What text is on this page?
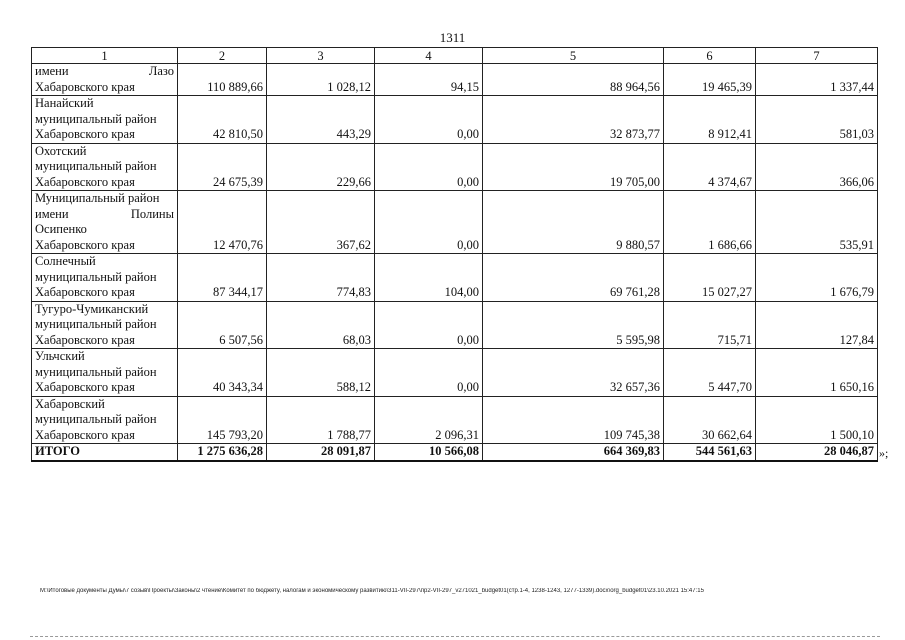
1311
1	2	3	4	5	6	7

имени Лазо
Хабаровского края	110 889,66	1 028,12	94,15	88 964,56	19 465,39	1 337,44

Нанайский
муниципальный район
Хабаровского края	42 810,50	443,29	0,00	32 873,77	8 912,41	581,03

Охотский
муниципальный район
Хабаровского края	24 675,39	229,66	0,00	19 705,00	4 374,67	366,06

Муниципальный район
имени Полины
Осипенко
Хабаровского края	12 470,76	367,62	0,00	9 880,57	1 686,66	535,91

Солнечный
муниципальный район
Хабаровского края	87 344,17	774,83	104,00	69 761,28	15 027,27	1 676,79

Тугуро-Чумиканский
муниципальный район
Хабаровского края	6 507,56	68,03	0,00	5 595,98	715,71	127,84

Ульчский
муниципальный район
Хабаровского края	40 343,34	588,12	0,00	32 657,36	5 447,70	1 650,16

Хабаровский
муниципальный район
Хабаровского края	145 793,20	1 788,77	2 096,31	109 745,38	30 662,64	1 500,10
ИТОГО	1 275 636,28	28 091,87	10 566,08	664 369,83	544 561,63	28 046,87 »;
M:\Итоговые документы Думы\7 созыв\Проекты\Законы\2 чтение\Комитет по бюджету, налогам и экономическому развитию\311-VII-297\пр2-VII-297_v271021_budget01(стр.1-4, 1238-1243, 1277-1339).docx\org_budget01\23.10.2021 15:47:15
